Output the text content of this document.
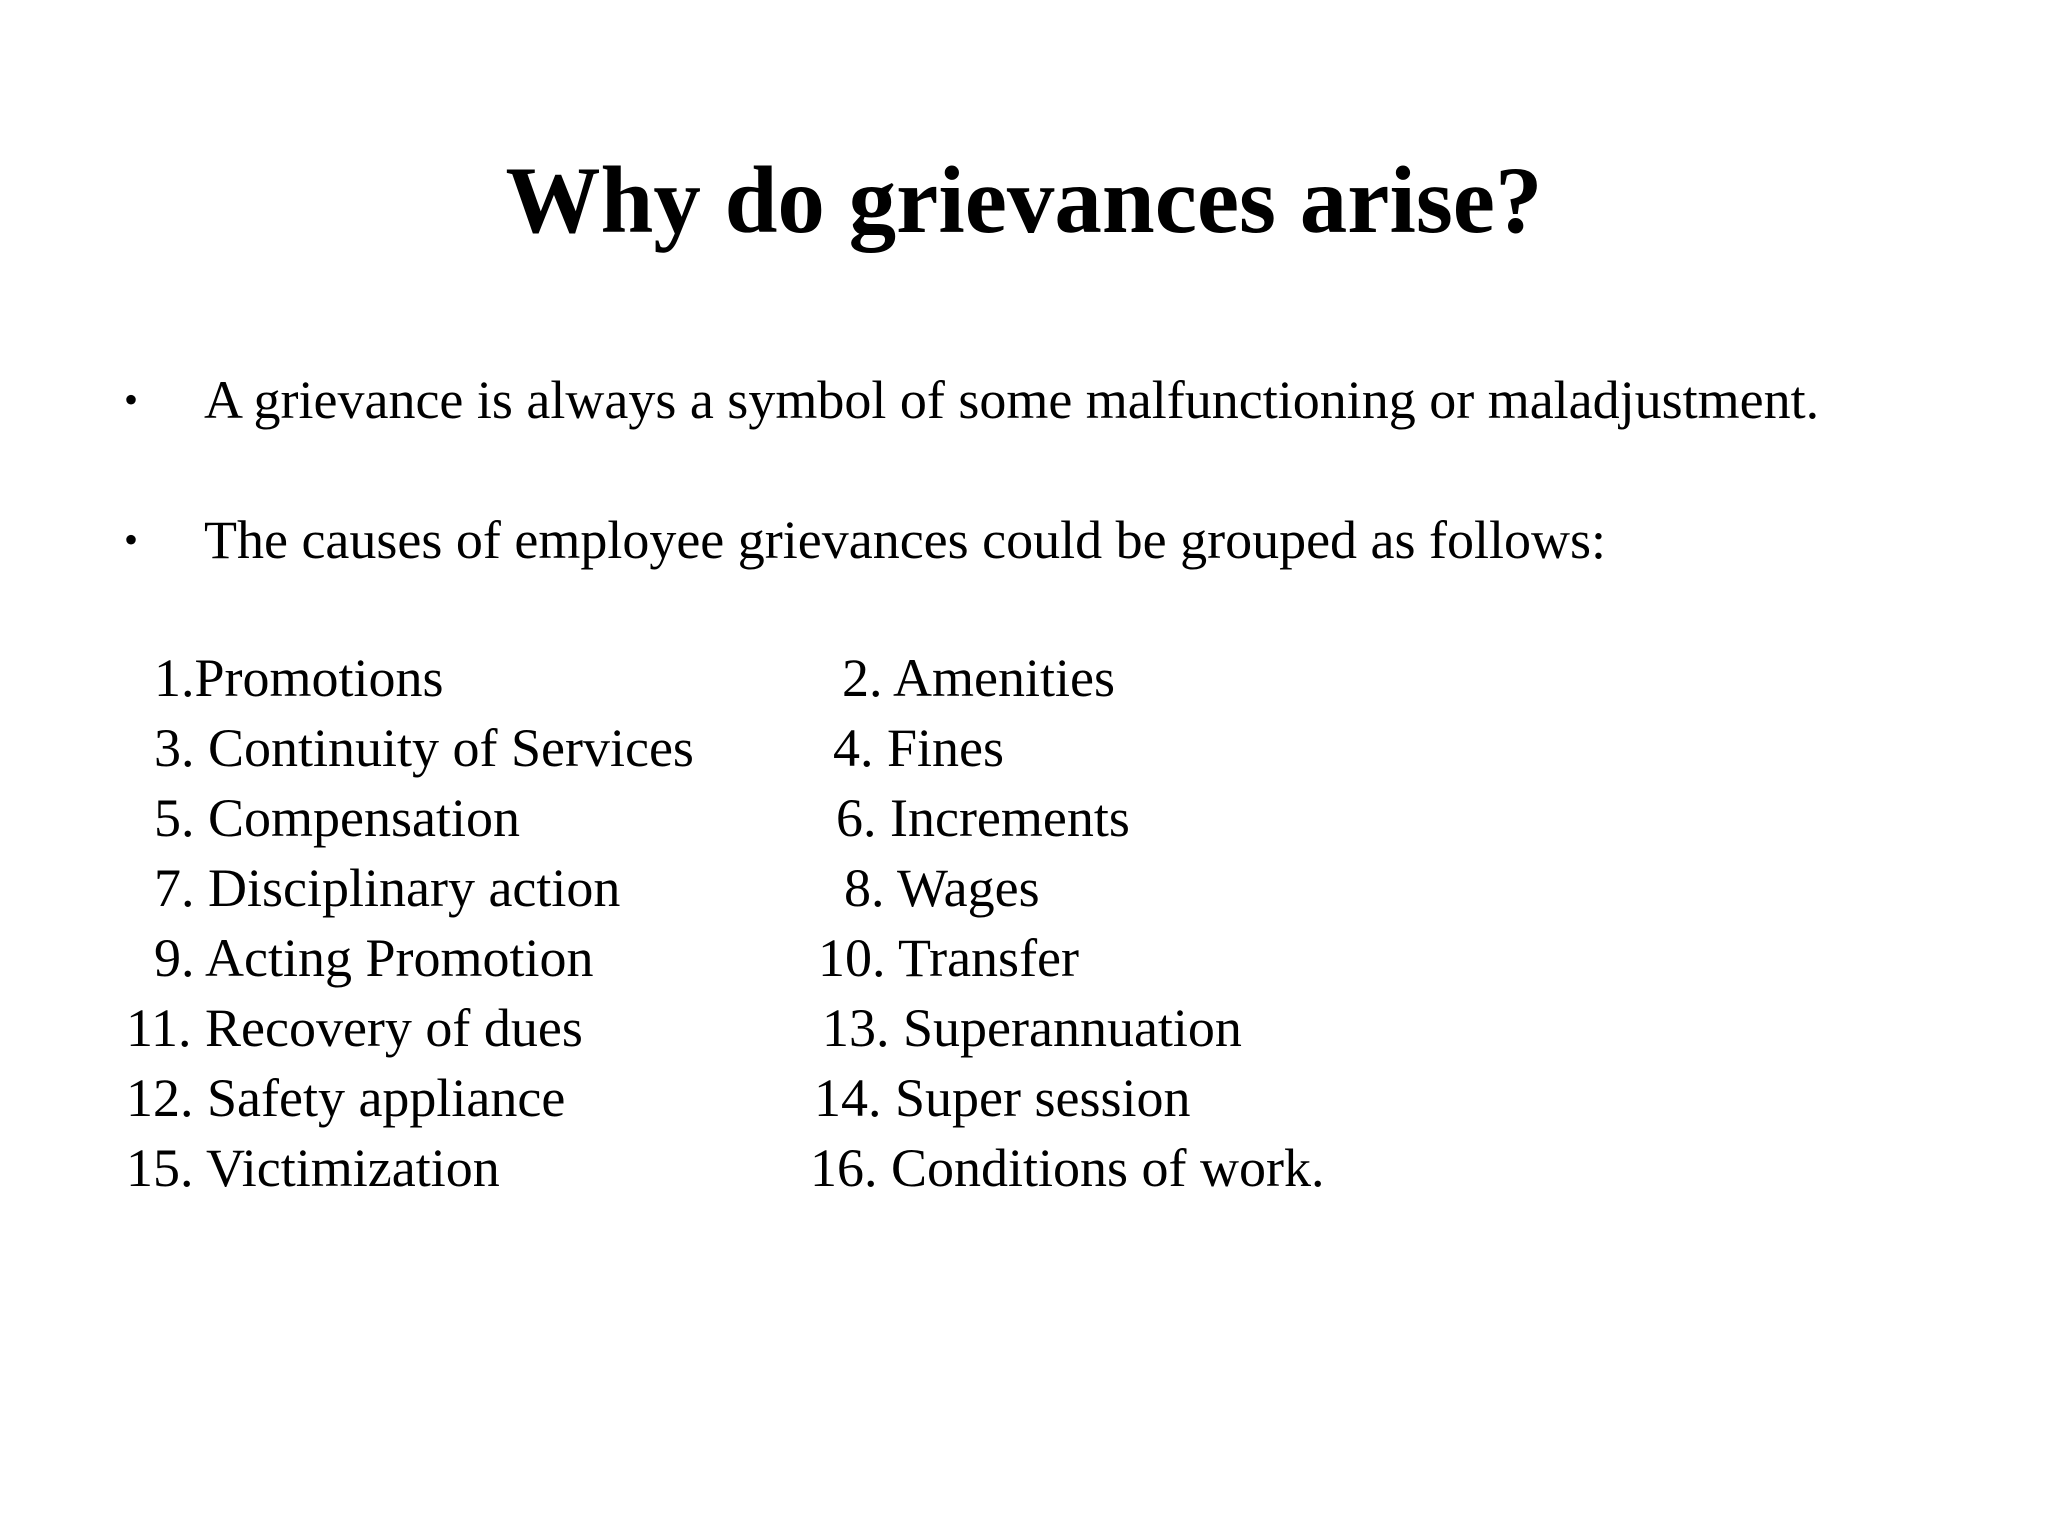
Why do grievances arise?
• A grievance is always a symbol of some malfunctioning or maladjustment.
• The causes of employee grievances could be grouped as follows:
1.Promotions	2. Amenities
3. Continuity of Services	4. Fines
5. Compensation	6. Increments
7. Disciplinary action	8. Wages
9. Acting Promotion	10. Transfer
11. Recovery of dues	13. Superannuation
12. Safety appliance	14. Super session
15. Victimization	16. Conditions of work.
